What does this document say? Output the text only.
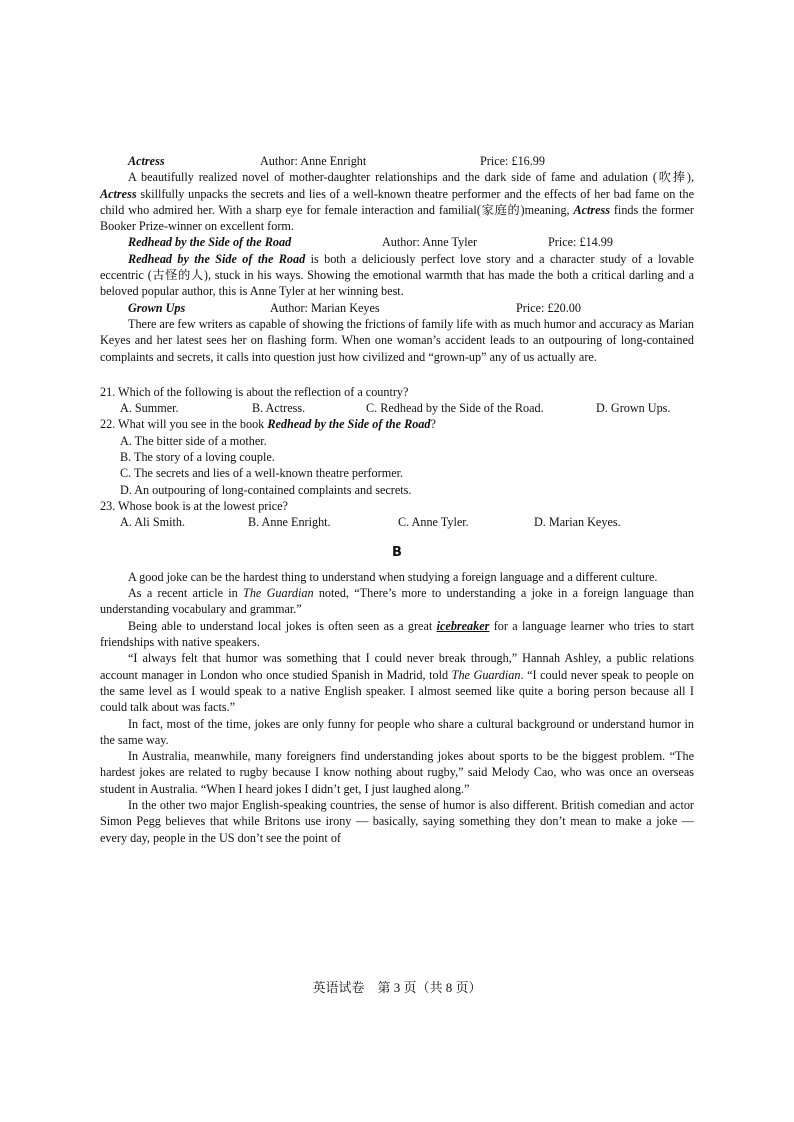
Actress	Author: Anne Enright	Price: £16.99

A beautifully realized novel of mother-daughter relationships and the dark side of fame and adulation (吹捧), Actress skillfully unpacks the secrets and lies of a well-known theatre performer and the effects of her bad fame on the child who admired her. With a sharp eye for female interaction and familial(家庭的)meaning, Actress finds the former Booker Prize-winner on excellent form.

Redhead by the Side of the Road	Author: Anne Tyler	Price: £14.99

Redhead by the Side of the Road is both a deliciously perfect love story and a character study of a lovable eccentric (古怪的人), stuck in his ways. Showing the emotional warmth that has made the both a critical darling and a beloved popular author, this is Anne Tyler at her winning best.

Grown Ups	Author: Marian Keyes	Price: £20.00

There are few writers as capable of showing the frictions of family life with as much humor and accuracy as Marian Keyes and her latest sees her on flashing form. When one woman’s accident leads to an outpouring of long-contained complaints and secrets, it calls into question just how civilized and “grown-up” any of us actually are.

21. Which of the following is about the reflection of a country?

A. Summer.	B. Actress.	C. Redhead by the Side of the Road.	D. Grown Ups.

22. What will you see in the book Redhead by the Side of the Road?

A. The bitter side of a mother.

B. The story of a loving couple.

C. The secrets and lies of a well-known theatre performer.

D. An outpouring of long-contained complaints and secrets.

23. Whose book is at the lowest price?

A. Ali Smith.	B. Anne Enright.	C. Anne Tyler.	D. Marian Keyes.
B

A good joke can be the hardest thing to understand when studying a foreign language and a different culture.

As a recent article in The Guardian noted, “There’s more to understanding a joke in a foreign language than understanding vocabulary and grammar.”

Being able to understand local jokes is often seen as a great icebreaker for a language learner who tries to start friendships with native speakers.

“I always felt that humor was something that I could never break through,” Hannah Ashley, a public relations account manager in London who once studied Spanish in Madrid, told The Guardian. “I could never speak to people on the same level as I would speak to a native English speaker. I almost seemed like quite a boring person because all I could talk about was facts.”

In fact, most of the time, jokes are only funny for people who share a cultural background or understand humor in the same way.

In Australia, meanwhile, many foreigners find understanding jokes about sports to be the biggest problem. “The hardest jokes are related to rugby because I know nothing about rugby,” said Melody Cao, who was once an overseas student in Australia. “When I heard jokes I didn’t get, I just laughed along.”

In the other two major English-speaking countries, the sense of humor is also different. British comedian and actor Simon Pegg believes that while Britons use irony — basically, saying something they don’t mean to make a joke — every day, people in the US don’t see the point of

英语试卷　第 3 页（共 8 页）
